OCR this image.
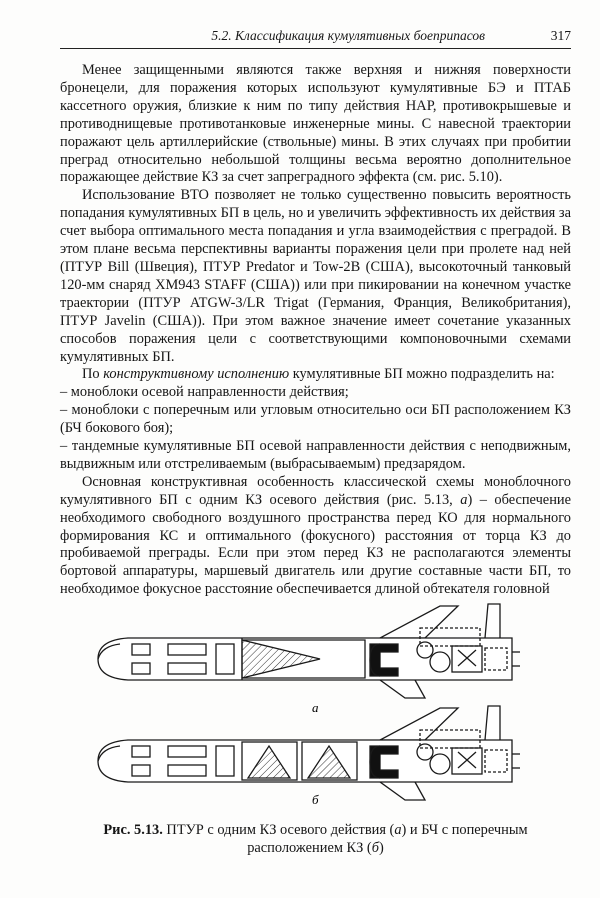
5.2. Классификация кумулятивных боеприпасов	317

Менее защищенными являются также верхняя и нижняя поверхности бронецели, для поражения которых используют кумулятивные БЭ и ПТАБ кассетного оружия, близкие к ним по типу действия НАР, противокрышевые и противоднищевые противотанковые инженерные мины. С навесной траектории поражают цель артиллерийские (ствольные) мины. В этих случаях при пробитии преград относительно небольшой толщины весьма вероятно дополнительное поражающее действие КЗ за счет запреградного эффекта (см. рис. 5.10).

Использование ВТО позволяет не только существенно повысить вероятность попадания кумулятивных БП в цель, но и увеличить эффективность их действия за счет выбора оптимального места попадания и угла взаимодействия с преградой. В этом плане весьма перспективны варианты поражения цели при пролете над ней (ПТУР Bill (Швеция), ПТУР Predator и Tow-2B (США), высокоточный танковый 120-мм снаряд XM943 STAFF (США)) или при пикировании на конечном участке траектории (ПТУР ATGW-3/LR Trigat (Германия, Франция, Великобритания), ПТУР Javelin (США)). При этом важное значение имеет сочетание указанных способов поражения цели с соответствующими компоновочными схемами кумулятивных БП.

По конструктивному исполнению кумулятивные БП можно подразделить на:

– моноблоки осевой направленности действия;

– моноблоки с поперечным или угловым относительно оси БП расположением КЗ (БЧ бокового боя);

– тандемные кумулятивные БП осевой направленности действия с неподвижным, выдвижным или отстреливаемым (выбрасываемым) предзарядом.

Основная конструктивная особенность классической схемы моноблочного кумулятивного БП с одним КЗ осевого действия (рис. 5.13, а) – обеспечение необходимого свободного воздушного пространства перед КО для нормального формирования КС и оптимального (фокусного) расстояния от торца КЗ до пробиваемой преграды. Если при этом перед КЗ не располагаются элементы бортовой аппаратуры, маршевый двигатель или другие составные части БП, то необходимое фокусное расстояние обеспечивается длиной обтекателя головной

а
б
Рис. 5.13. ПТУР с одним КЗ осевого действия (а) и БЧ с поперечным расположением КЗ (б)
